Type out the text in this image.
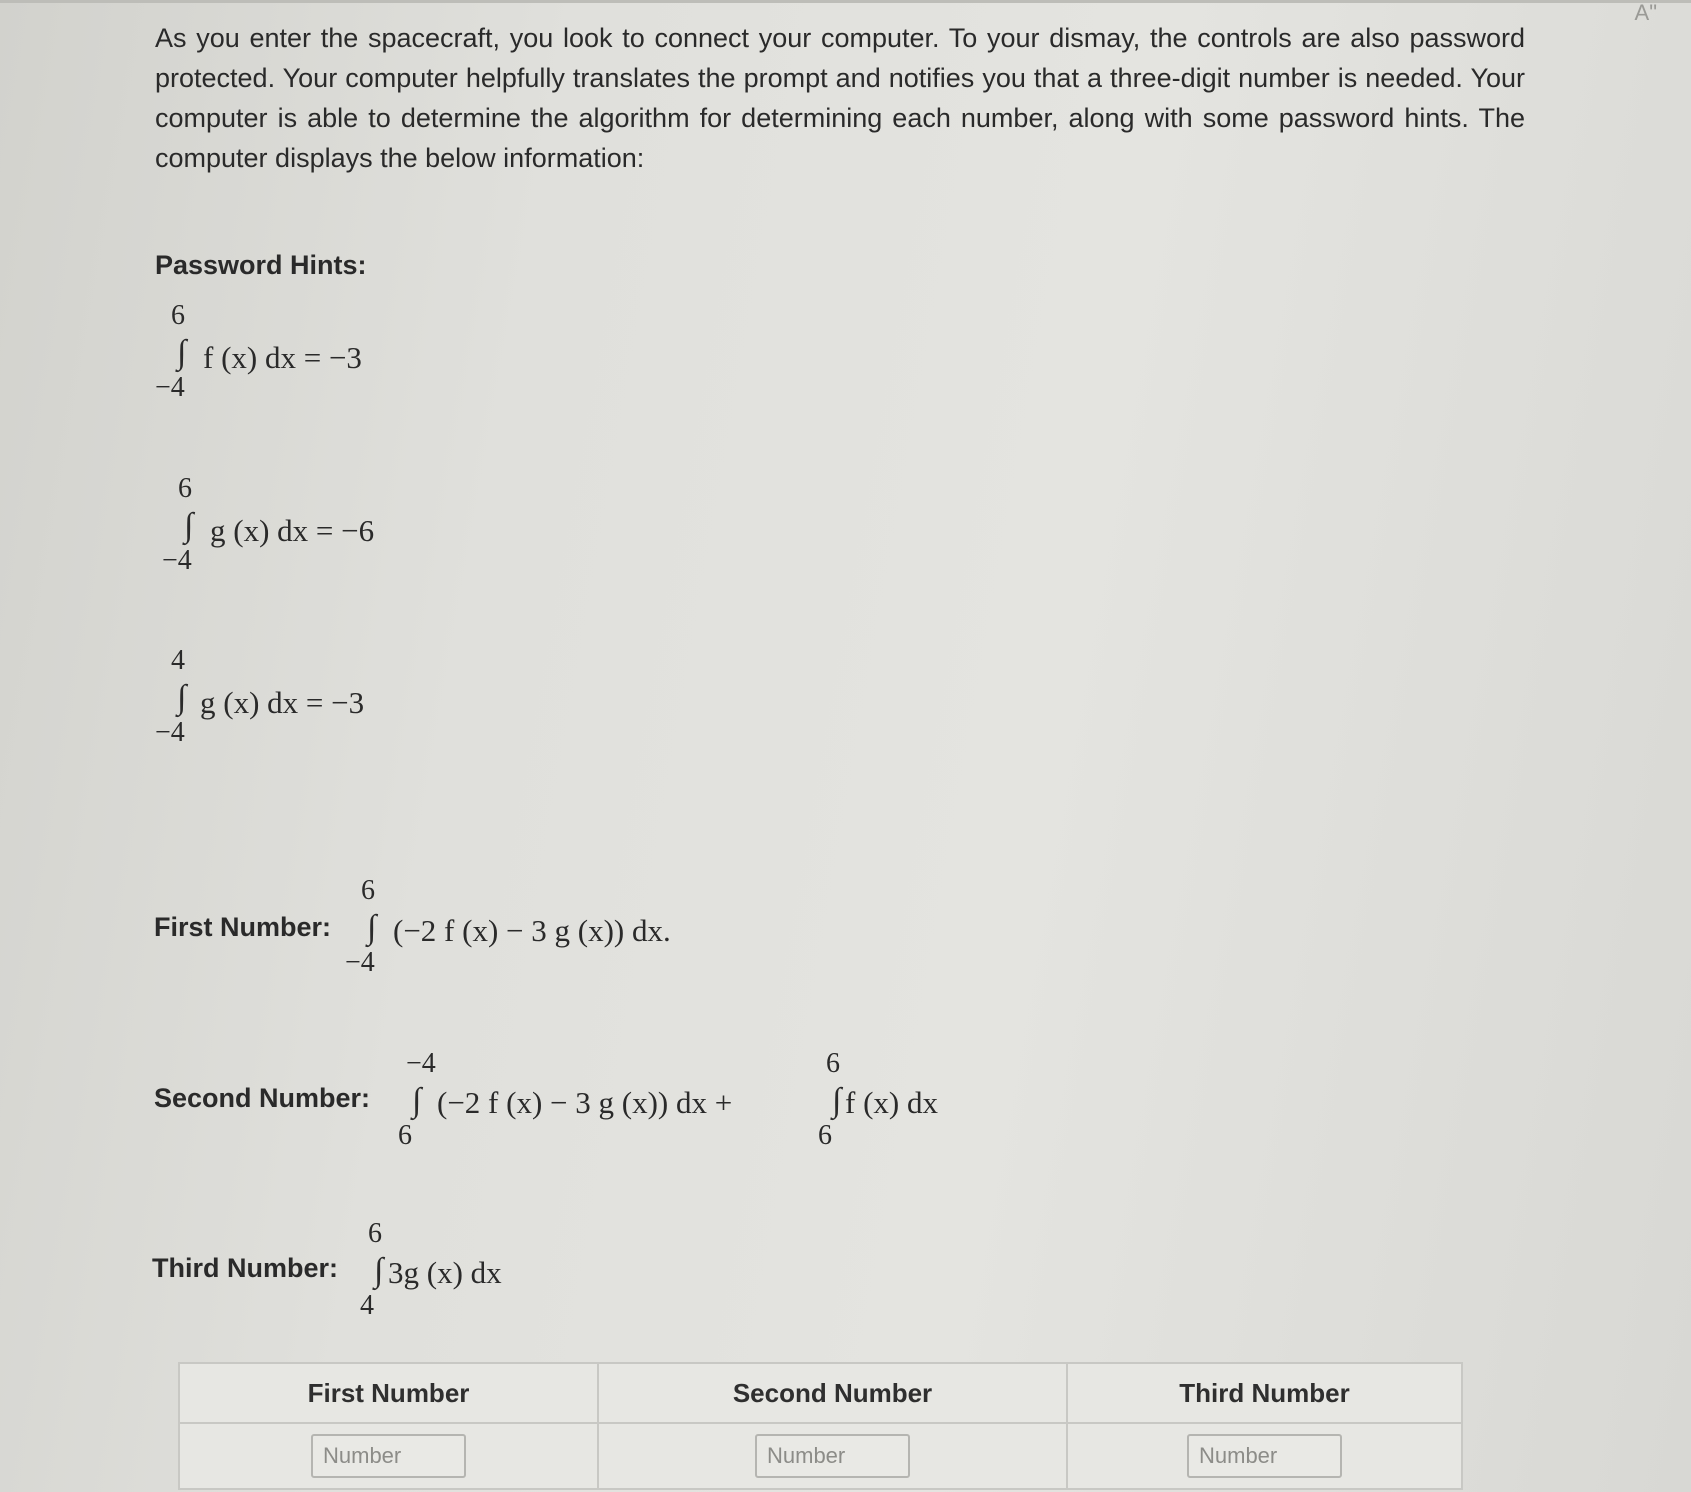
A"

As you enter the spacecraft, you look to connect your computer. To your dismay, the controls are also password protected. Your computer helpfully translates the prompt and notifies you that a three-digit number is needed. Your computer is able to determine the algorithm for determining each number, along with some password hints. The computer displays the below information:

Password Hints:
6
∫
−4
f (x) dx = −3
6
∫
−4
g (x) dx = −6
4
∫
−4
g (x) dx = −3
First Number:
6
∫
−4
(−2 f (x) − 3 g (x)) dx.
Second Number:
−4
∫
6
(−2 f (x) − 3 g (x)) dx +
6
∫
6
f (x) dx
Third Number:
6
∫
4
3g (x) dx
First Number	Second Number	Third Number
Number	Number	Number
